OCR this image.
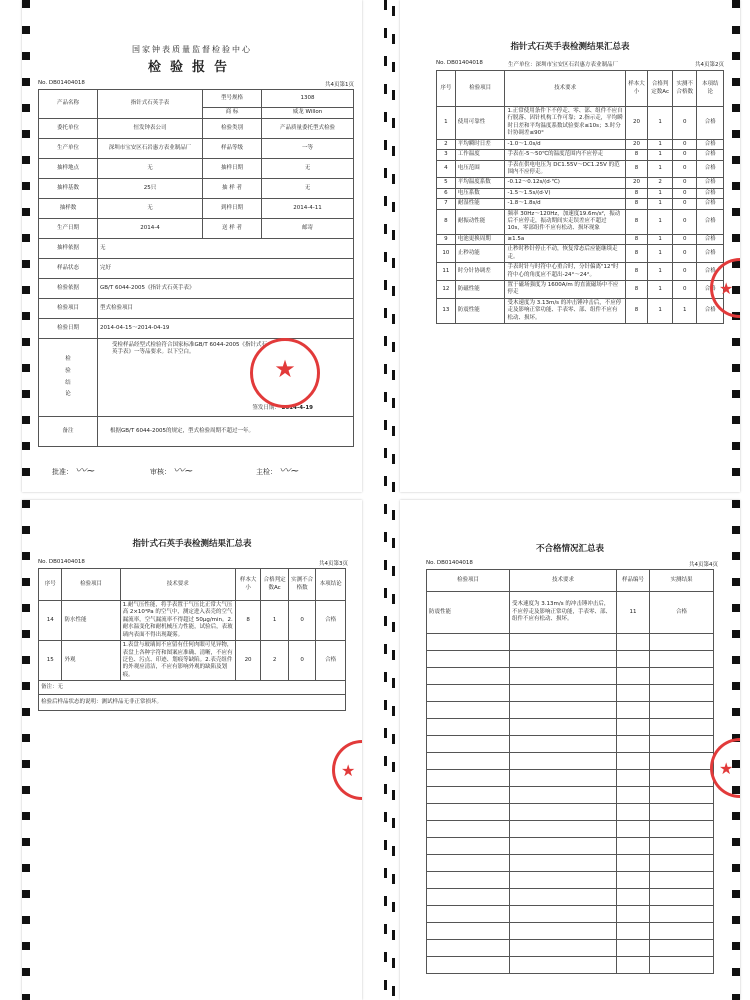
国家钟表质量监督检验中心
检验报告
No. DB01404018	共4页第1页
产品名称	指针式石英手表	型号规格	1308
		商 标	威龙 Willon
委托单位	恒发钟表公司	检验类别	产品质量委托型式检验
生产单位	深圳市宝安区石岩惠方表业制品厂	样品等级	一等
抽样地点	无	抽样日期	无
抽样基数	25只	抽 样 者	无
抽样数	无	到样日期	2014-4-11
生产日期	2014-4	送 样 者	邮寄
抽样依据	无		
样品状态	完好		
检验依据	GB/T 6044-2005《指针式石英手表》		
检验项目	型式检验项目		
检验日期	2014-04-15～2014-04-19		

检验结论	受检样品经型式检验符合国家标准GB/T 6044-2005《指针式石英手表》一等品要求。以下空白。
签发日期： 2014-4-19		

备注	根据GB/T 6044-2005的规定，型式检验周期不超过一年。		
★
批准： 〰~	审核： 〰~	主检： 〰~
指针式石英手表检测结果汇总表
No. DB01404018	共4页第2页
生产单位：深圳市宝安区石岩惠方表业制品厂
序号	检验项目	技术要求	样本大小	合格判定数Ac	实测不合格数	本项结论
1	使用可靠性	1.正常使用条件下不停走、零、部、组件不应自行脱落、因针机构工作可靠；2.指示走，平均瞬时日差和平均温度系数试验要求≤10s；3.时分针协调差≤90°	20	1	0	合格
2	平均瞬时日差	-1.0～1.0s/d	20	1	0	合格
3	工作温度	手表在-5～50℃的温度范围内不应停走	8	1	0	合格
4	电压范围	手表在供电电压为 DC1.55V～DC1.25V 的范围内不应停走。	8	1	0	合格
5	平均温度系数	-0.12～0.12s/(d·℃)	20	2	0	合格
6	电压系数	-1.5～1.5s/(d·V)	8	1	0	合格
7	耐湿性能	-1.8～1.8s/d	8	1	0	合格
8	耐振动性能	频率 30Hz～120Hz，加速度19.6m/s²，振动后不应停走，振动期间实走误差应不超过 10s，零部组件不应有松动、损坏现象	8	1	0	合格
9	电池更换周期	≥1.5a	8	1	0	合格
10	止秒功能	止秒时秒针停止不动，恢复常态后应能继续走走。	8	1	0	合格
11	时分针协调差	手表时针与时符中心重合时，分针偏离"12"时符中心的角度应不超出-24°～24°。	8	1	0	合格
12	防磁性能	置于磁场强度为 1600A/m 的直流磁场中不应停走	8	1	0	合格
13	防震性能	受木速度为 3.13m/s 的冲击锤冲击后，不应停走及影响正常功能、手表零、部、组件不应有松动、损坏。	8	1	1	合格
★
指针式石英手表检测结果汇总表
No. DB01404018	共4页第3页
序号	检验项目	技术要求	样本大小	合格判定数Ac	实测不合格数	本项结论
14	防水性能	1.耐气压性能，将手表置于气压比正常大气压高 2×10⁴Pa 的空气中，测定进入表壳的空气漏流率，空气漏流率不得超过 50μg/min。2.耐水温变化和耐机械压力性能，试验后，表玻璃内表面不得出现凝雾。	8	1	0	合格
15	外观	1.表盘与玻璃间不应留有任何肉眼可见异物，表盘上各种字符和图案应准确、清晰，不应有泛色、污点、印迹、划痕等缺陷。2.表壳组件的外观应清洁，不应有影响外观的缺陷及划痕。	20	2	0	合格
备注：无						
检验后样品状态的说明：测试样品无非正常损坏。						
★
不合格情况汇总表
No. DB01404018	共4页第4页
检验项目	技术要求	样品编号	实测结果
防震性能	受木速度为 3.13m/s 的冲击锤冲击后，不应停走及影响正常功能，手表零、部、组件不应有松动、损坏。	11	合格

★
